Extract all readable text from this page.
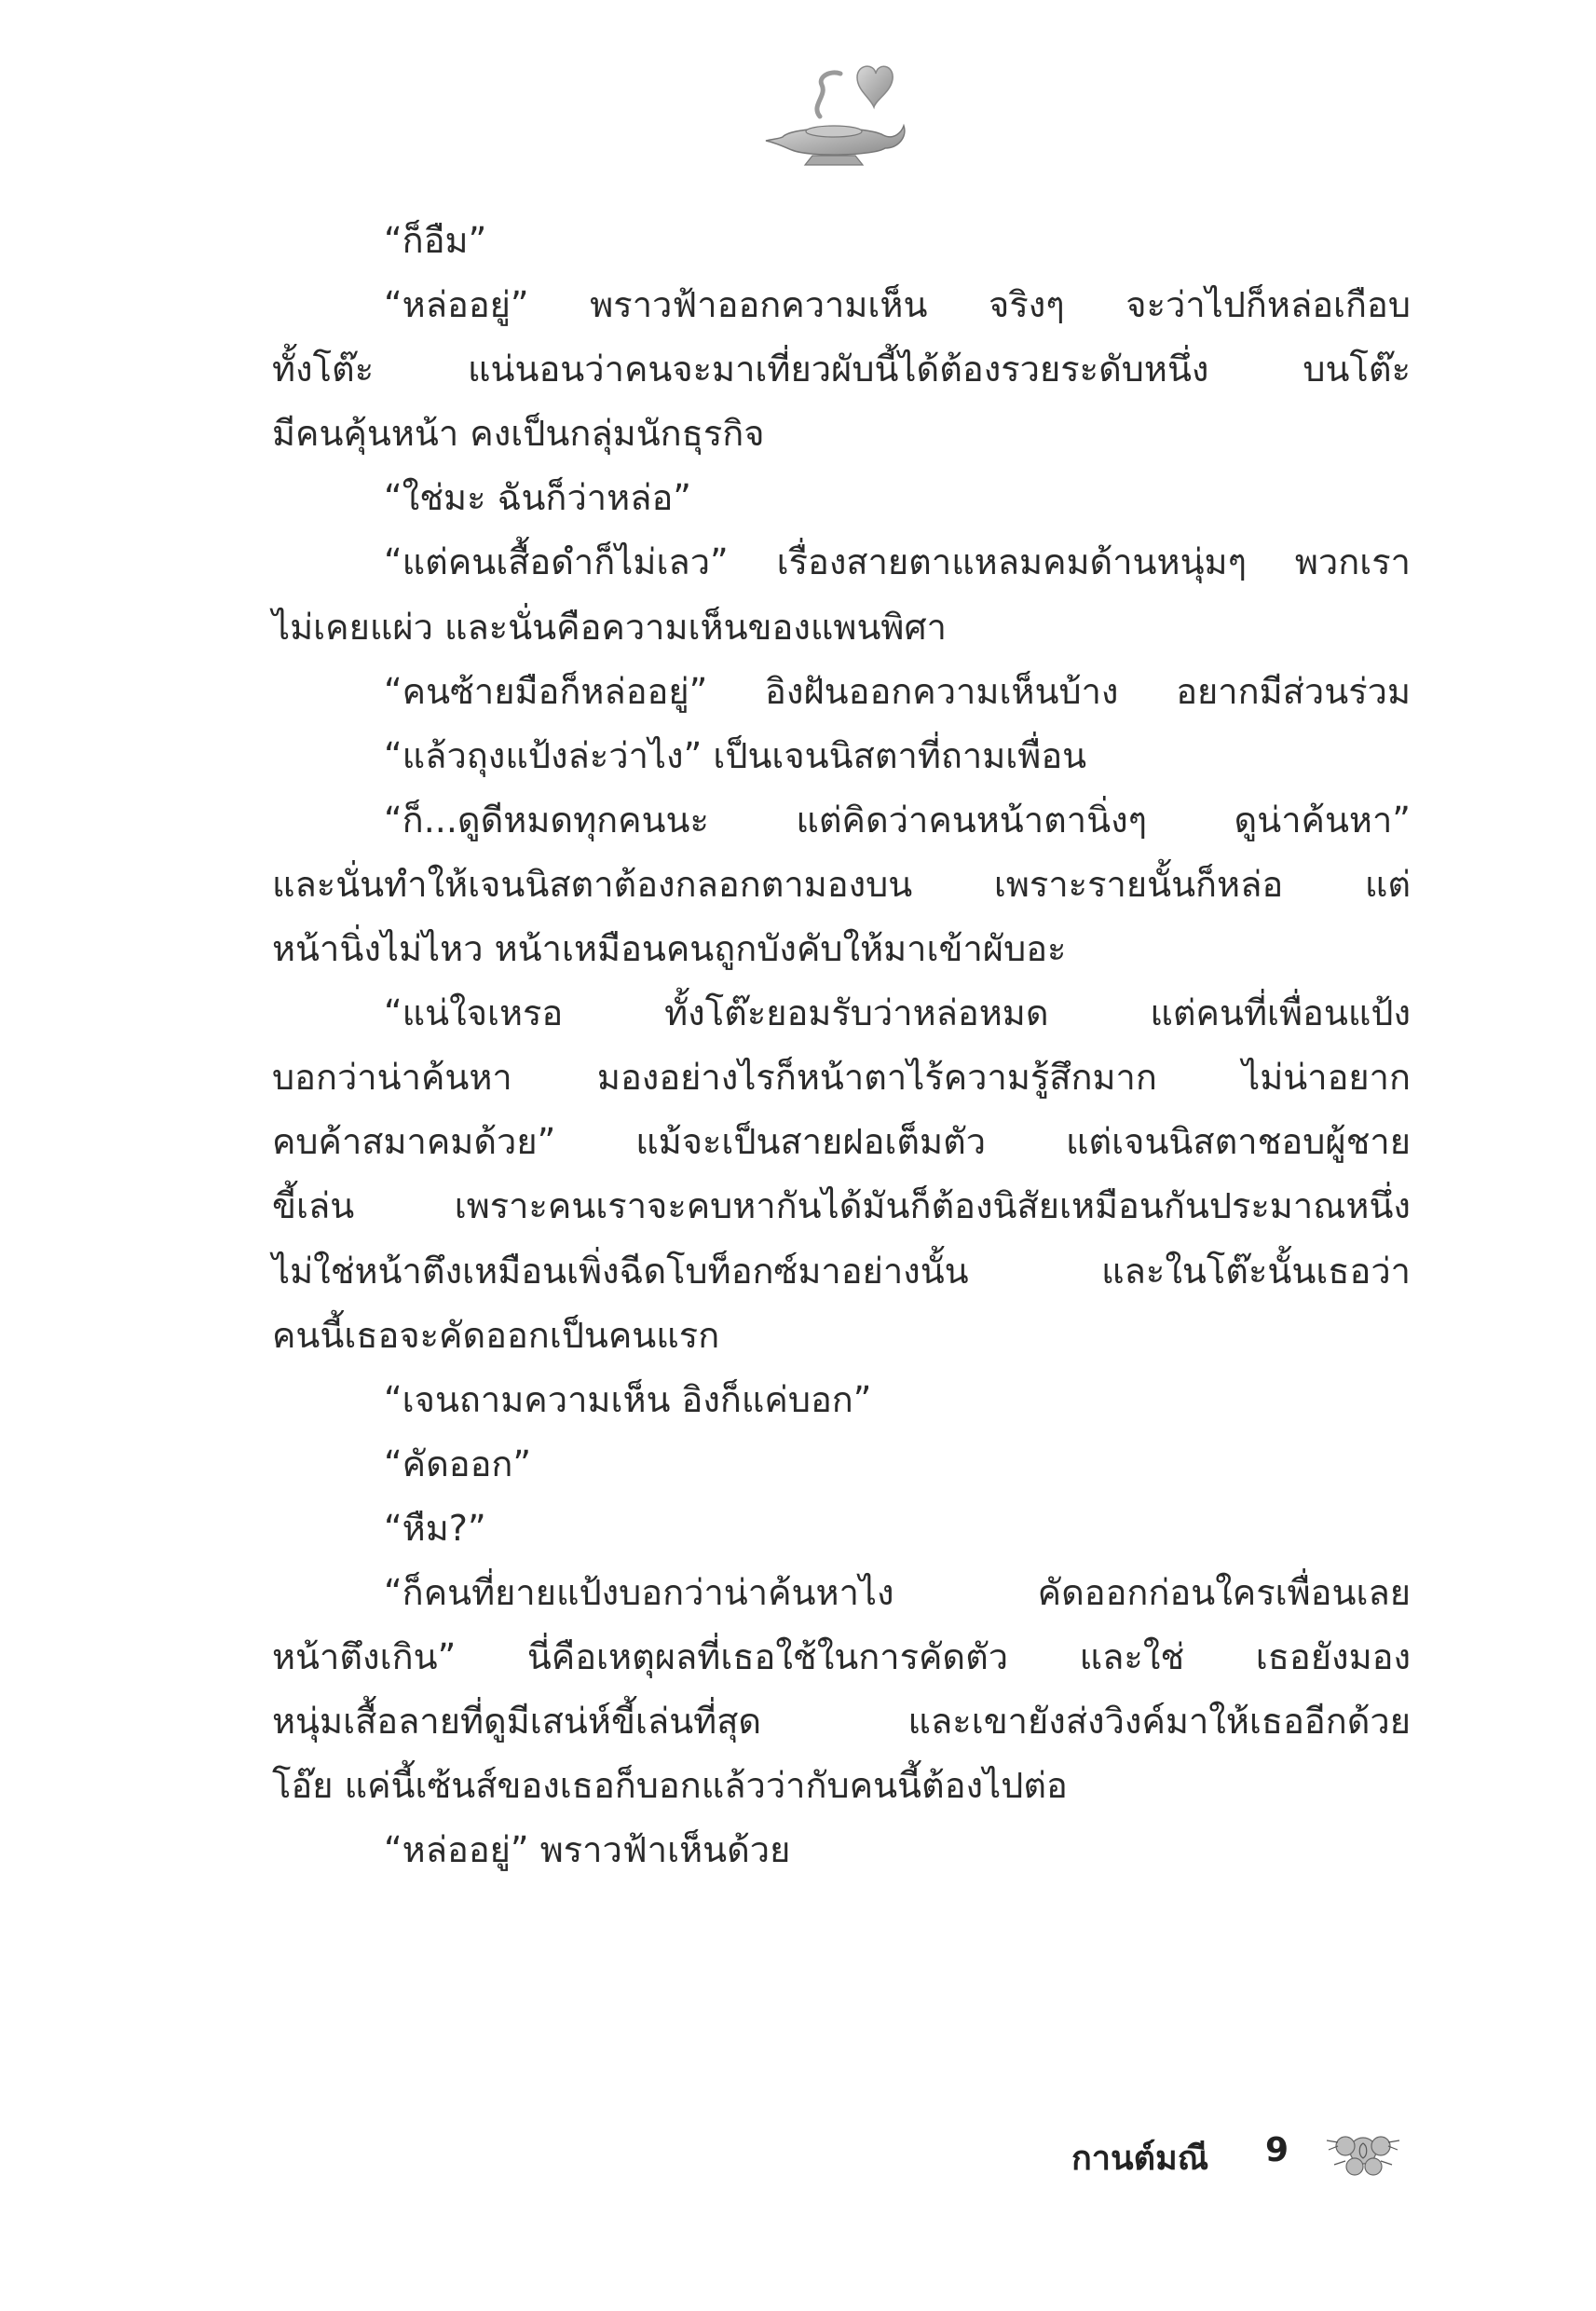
“ก็อืม”
“หล่ออยู่” พราวฟ้าออกความเห็น จริงๆ จะว่าไปก็หล่อเกือบ
ทั้งโต๊ะ แน่นอนว่าคนจะมาเที่ยวผับนี้ได้ต้องรวยระดับหนึ่ง บนโต๊ะ
มีคนคุ้นหน้า คงเป็นกลุ่มนักธุรกิจ
“ใช่มะ ฉันก็ว่าหล่อ”
“แต่คนเสื้อดำก็ไม่เลว” เรื่องสายตาแหลมคมด้านหนุ่มๆ พวกเรา
ไม่เคยแผ่ว และนั่นคือความเห็นของแพนพิศา
“คนซ้ายมือก็หล่ออยู่” อิงฝันออกความเห็นบ้าง อยากมีส่วนร่วม
“แล้วถุงแป้งล่ะว่าไง” เป็นเจนนิสตาที่ถามเพื่อน
“ก็...ดูดีหมดทุกคนนะ แต่คิดว่าคนหน้าตานิ่งๆ ดูน่าค้นหา”
และนั่นทำให้เจนนิสตาต้องกลอกตามองบน เพราะรายนั้นก็หล่อ แต่
หน้านิ่งไม่ไหว หน้าเหมือนคนถูกบังคับให้มาเข้าผับอะ
“แน่ใจเหรอ ทั้งโต๊ะยอมรับว่าหล่อหมด แต่คนที่เพื่อนแป้ง
บอกว่าน่าค้นหา มองอย่างไรก็หน้าตาไร้ความรู้สึกมาก ไม่น่าอยาก
คบค้าสมาคมด้วย” แม้จะเป็นสายฝอเต็มตัว แต่เจนนิสตาชอบผู้ชาย
ขี้เล่น เพราะคนเราจะคบหากันได้มันก็ต้องนิสัยเหมือนกันประมาณหนึ่ง
ไม่ใช่หน้าตึงเหมือนเพิ่งฉีดโบท็อกซ์มาอย่างนั้น และในโต๊ะนั้นเธอว่า
คนนี้เธอจะคัดออกเป็นคนแรก
“เจนถามความเห็น อิงก็แค่บอก”
“คัดออก”
“หืม?”
“ก็คนที่ยายแป้งบอกว่าน่าค้นหาไง คัดออกก่อนใครเพื่อนเลย
หน้าตึงเกิน” นี่คือเหตุผลที่เธอใช้ในการคัดตัว และใช่ เธอยังมอง
หนุ่มเสื้อลายที่ดูมีเสน่ห์ขี้เล่นที่สุด และเขายังส่งวิงค์มาให้เธออีกด้วย
โอ๊ย แค่นี้เซ้นส์ของเธอก็บอกแล้วว่ากับคนนี้ต้องไปต่อ
“หล่ออยู่” พราวฟ้าเห็นด้วย
กานต์มณี 9
